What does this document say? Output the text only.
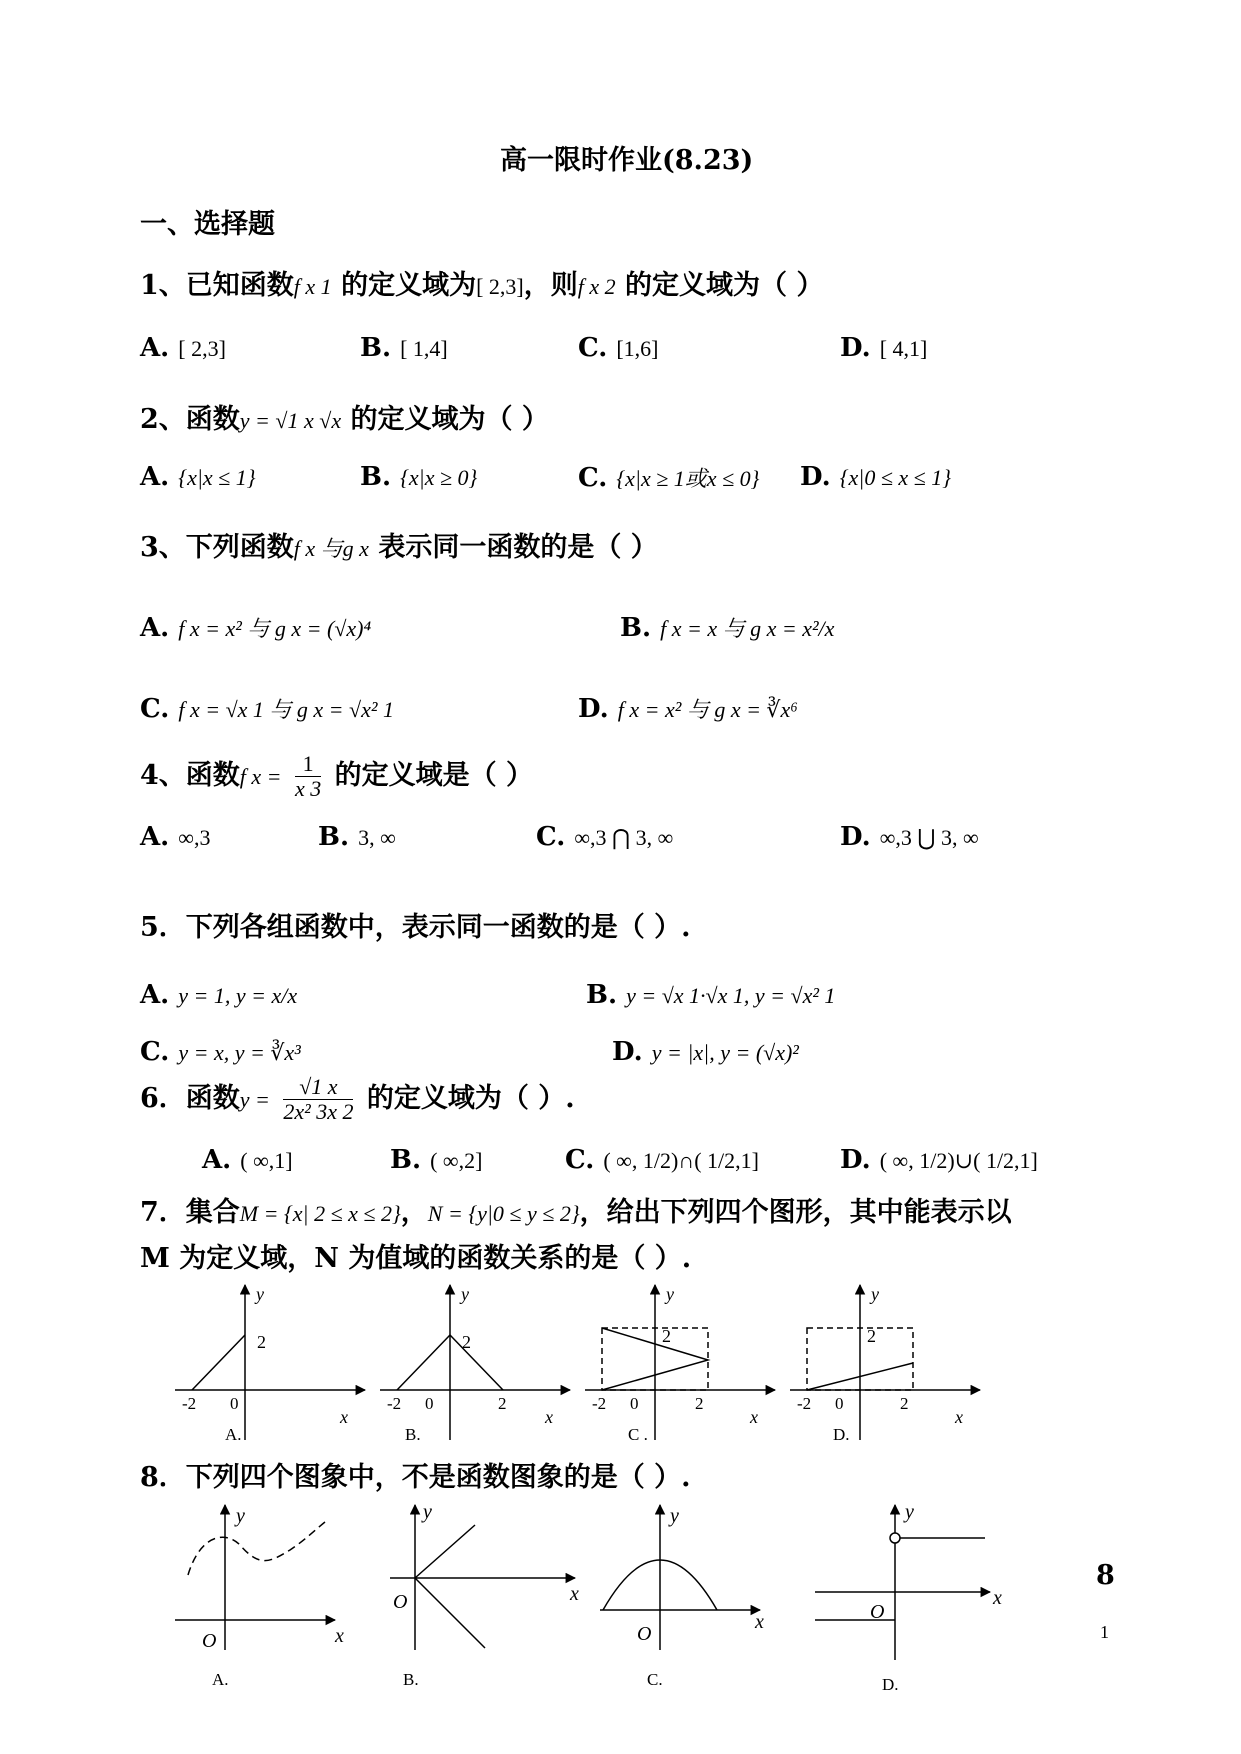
高一限时作业(8.23)
一、选择题
1、已知函数f x 1 的定义域为[ 2,3]，则f x 2 的定义域为（ ）
A. [ 2,3]	B. [ 1,4]	C. [1,6]	D. [ 4,1]
2、函数y = √1 x √x 的定义域为（ ）
A. {x|x ≤ 1}	B. {x|x ≥ 0}	C. {x|x ≥ 1或x ≤ 0} D. {x|0 ≤ x ≤ 1}
3、下列函数f x 与g x 表示同一函数的是（ ）
A. f x = x² 与 g x = (√x)⁴	B. f x = x 与 g x = x²/x
C. f x = √x 1 与 g x = √x² 1	D. f x = x² 与 g x = ∛x⁶
4、函数f $x = \frac{1}{x 3}$ 的定义域是（ ）
A. ∞,3	B. 3, ∞	C. ∞,3 ⋂ 3, ∞	D. ∞,3 ⋃ 3, ∞
5．下列各组函数中，表示同一函数的是（ ）.
A. y = 1, y = x/x	B. y = √x 1·√x 1, y = √x² 1
C. y = x, y = ∛x³	D. y = |x|, y = (√x)²
6．函数$y = \frac{√1 x}{\text{2x² 3x 2}}$ 的定义域为（ ）.
A. ( ∞,1]	B. ( ∞,2]	C. ( ∞, 1/2)∩( 1/2,1]	D. ( ∞, 1/2)∪( 1/2,1]
7．集合M = {x| 2 ≤ x ≤ 2}，N = {y|0 ≤ y ≤ 2}，给出下列四个图形，其中能表示以
M 为定义域，N 为值域的函数关系的是（ ）.
y
2
-2 0
x
A.
y
2
-2 0	2
x
B.
y
2
-2 0	2
x
C .
y
2
-2 0	2
x
D.
8．下列四个图象中，不是函数图象的是（ ）.
y
O	x
A.
y
O	x
B.
y
O
x
C.
y
O
x
D.
8
1
